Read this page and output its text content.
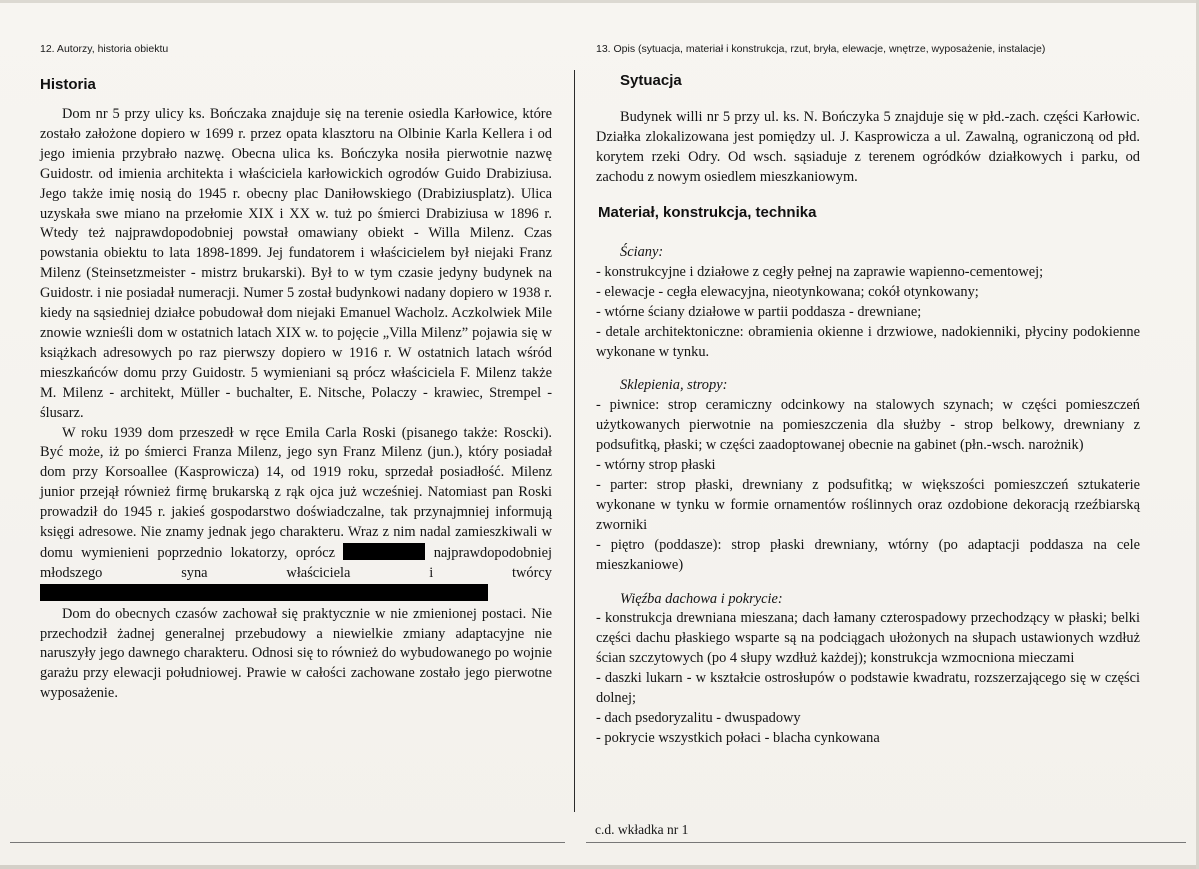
12. Autorzy, historia obiektu
Historia

Dom nr 5 przy ulicy ks. Bończaka znajduje się na terenie osiedla Karłowice, które zostało założone dopiero w 1699 r. przez opata klasztoru na Olbinie Karla Kellera i od jego imienia przybrało nazwę. Obecna ulica ks. Bończyka nosiła pierwotnie nazwę Guidostr. od imienia architekta i właściciela karłowickich ogrodów Guido Drabiziusa. Jego także imię nosią do 1945 r. obecny plac Daniłowskiego (Drabiziusplatz). Ulica uzyskała swe miano na przełomie XIX i XX w. tuż po śmierci Drabiziusa w 1896 r. Wtedy też najprawdopodobniej powstał omawiany obiekt - Willa Milenz. Czas powstania obiektu to lata 1898-1899. Jej fundatorem i właścicielem był niejaki Franz Milenz (Steinsetzmeister - mistrz brukarski). Był to w tym czasie jedyny budynek na Guidostr. i nie posiadał numeracji. Numer 5 został budynkowi nadany dopiero w 1938 r. kiedy na sąsiedniej działce pobudował dom niejaki Emanuel Wacholz. Aczkolwiek Mile znowie wznieśli dom w ostatnich latach XIX w. to pojęcie „Villa Milenz” pojawia się w książkach adresowych po raz pierwszy dopiero w 1916 r. W ostatnich latach wśród mieszkańców domu przy Guidostr. 5 wymieniani są prócz właściciela F. Milenz także M. Milenz - architekt, Müller - buchalter, E. Nitsche, Polaczy - krawiec, Strempel - ślusarz.

W roku 1939 dom przeszedł w ręce Emila Carla Roski (pisanego także: Roscki). Być może, iż po śmierci Franza Milenz, jego syn Franz Milenz (jun.), który posiadał dom przy Korsoallee (Kasprowicza) 14, od 1919 roku, sprzedał posiadłość. Milenz junior przejął również firmę brukarską z rąk ojca już wcześniej. Natomiast pan Roski prowadził do 1945 r. jakieś gospodarstwo doświadczalne, tak przynajmniej informują księgi adresowe. Nie znamy jednak jego charakteru. Wraz z nim nadal zamieszkiwali w domu wymienieni poprzednio lokatorzy, oprócz	najprawdopodobniej młodszego syna właściciela i twórcy

Dom do obecnych czasów zachował się praktycznie w nie zmienionej postaci. Nie przechodził żadnej generalnej przebudowy a niewielkie zmiany adaptacyjne nie naruszyły jego dawnego charakteru. Odnosi się to również do wybudowanego po wojnie garażu przy elewacji południowej. Prawie w całości zachowane zostało jego pierwotne wyposażenie.

13. Opis (sytuacja, materiał i konstrukcja, rzut, bryła, elewacje, wnętrze, wyposażenie, instalacje)
Sytuacja

Budynek willi nr 5 przy ul. ks. N. Bończyka 5 znajduje się w płd.-zach. części Karłowic. Działka zlokalizowana jest pomiędzy ul. J. Kasprowicza a ul. Zawalną, ograniczoną od płd. korytem rzeki Odry. Od wsch. sąsiaduje z terenem ogródków działkowych i parku, od zachodu z nowym osiedlem mieszkaniowym.

Materiał, konstrukcja, technika

Ściany:

- konstrukcyjne i działowe z cegły pełnej na zaprawie wapienno-cementowej;

- elewacje - cegła elewacyjna, nieotynkowana; cokół otynkowany;

- wtórne ściany działowe w partii poddasza - drewniane;

- detale architektoniczne: obramienia okienne i drzwiowe, nadokienniki, płyciny podokienne wykonane w tynku.

Sklepienia, stropy:

- piwnice: strop ceramiczny odcinkowy na stalowych szynach; w części pomieszczeń użytkowanych pierwotnie na pomieszczenia dla służby - strop belkowy, drewniany z podsufitką, płaski; w części zaadoptowanej obecnie na gabinet (płn.-wsch. narożnik)

- wtórny strop płaski

- parter: strop płaski, drewniany z podsufitką; w większości pomieszczeń sztukaterie wykonane w tynku w formie ornamentów roślinnych oraz ozdobione dekoracją rzeźbiarską zworniki

- piętro (poddasze): strop płaski drewniany, wtórny (po adaptacji poddasza na cele mieszkaniowe)

Więźba dachowa i pokrycie:

- konstrukcja drewniana mieszana; dach łamany czterospadowy przechodzący w płaski; belki części dachu płaskiego wsparte są na podciągach ułożonych na słupach ustawionych wzdłuż ścian szczytowych (po 4 słupy wzdłuż każdej); konstrukcja wzmocniona mieczami

- daszki lukarn - w kształcie ostrosłupów o podstawie kwadratu, rozszerzającego się w części dolnej;

- dach psedoryzalitu - dwuspadowy

- pokrycie wszystkich połaci - blacha cynkowana

c.d. wkładka nr 1
